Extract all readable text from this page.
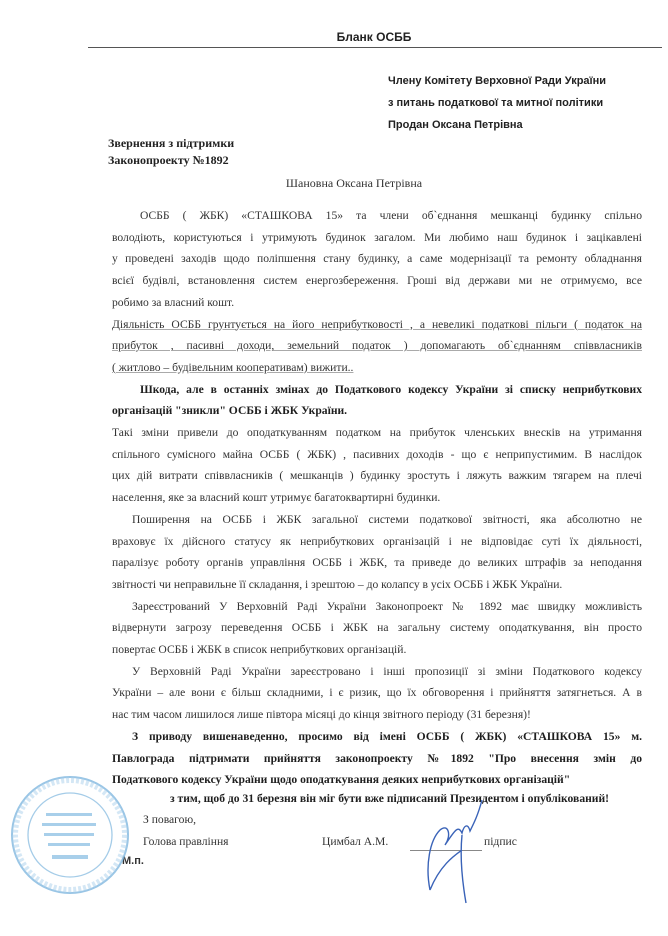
Бланк ОСББ
Члену Комітету Верховної Ради України
з питань податкової та митної політики
Продан Оксана Петрівна
Звернення з підтримки
Законопроекту №1892
Шановна Оксана Петрівна
ОСББ ( ЖБК) «СТАШКОВА 15» та члени об`єднання мешканці будинку спільно
володіють, користуються і утримують будинок загалом. Ми любимо наш будинок і зацікавлені
у проведені заходів щодо поліпшення стану будинку, а саме модернізації та ремонту обладнання
всієї будівлі, встановлення систем енергозбереження. Гроші від держави ми не отримуємо, все
робимо за власний кошт.
Діяльність ОСББ грунтується на його неприбутковості , а невеликі податкові пільги ( податок на
прибуток , пасивні доходи, земельний податок ) допомагають об`єднанням співвласників
( житлово – будівельним кооперативам) вижити..
Шкода, але в останніх змінах до Податкового кодексу України зі списку неприбуткових
організацій "зникли" ОСББ і ЖБК України.
Такі зміни привели до оподаткуванням податком на прибуток членських внесків на утримання
спільного сумісного майна ОСББ ( ЖБК) , пасивних доходів - що є неприпустимим. В наслідок
цих дій витрати співвласників ( мешканців ) будинку зростуть і ляжуть важким тягарем на плечі
населення, яке за власний кошт утримує багатоквартирні будинки.
Поширення на ОСББ і ЖБК загальної системи податкової звітності, яка абсолютно не
враховує їх дійсного статусу як неприбуткових організацій і не відповідає суті їх діяльності,
паралізує роботу органів управління ОСББ і ЖБК, та приведе до великих штрафів за неподання
звітності чи неправильне її складання, і зрештою – до колапсу в усіх ОСББ і ЖБК України.
Зареєстрований У Верховній Раді України Законопроект № 1892 має швидку можливість
відвернути загрозу переведення ОСББ і ЖБК на загальну систему оподаткування, він просто
повертає ОСББ і ЖБК в список неприбуткових організацій.
У Верховній Раді України зареєстровано і інші пропозиції зі зміни Податкового кодексу
України – але вони є більш складними, і є ризик, що їх обговорення і прийняття затягнеться. А в
нас тим часом лишилося лише півтора місяці до кінця звітного періоду (31 березня)!
З приводу вишенаведенно, просимо від імені ОСББ ( ЖБК) «СТАШКОВА 15» м.
Павлограда підтримати прийняття законопроекту №1892 "Про внесення змін до
Податкового кодексу України щодо оподаткування деяких неприбуткових організацій"
з тим, щоб до 31 березня він міг бути вже підписаний Президентом і опублікований!
З повагою,
Голова правління	Цимбал А.М.	підпис
М.п.
